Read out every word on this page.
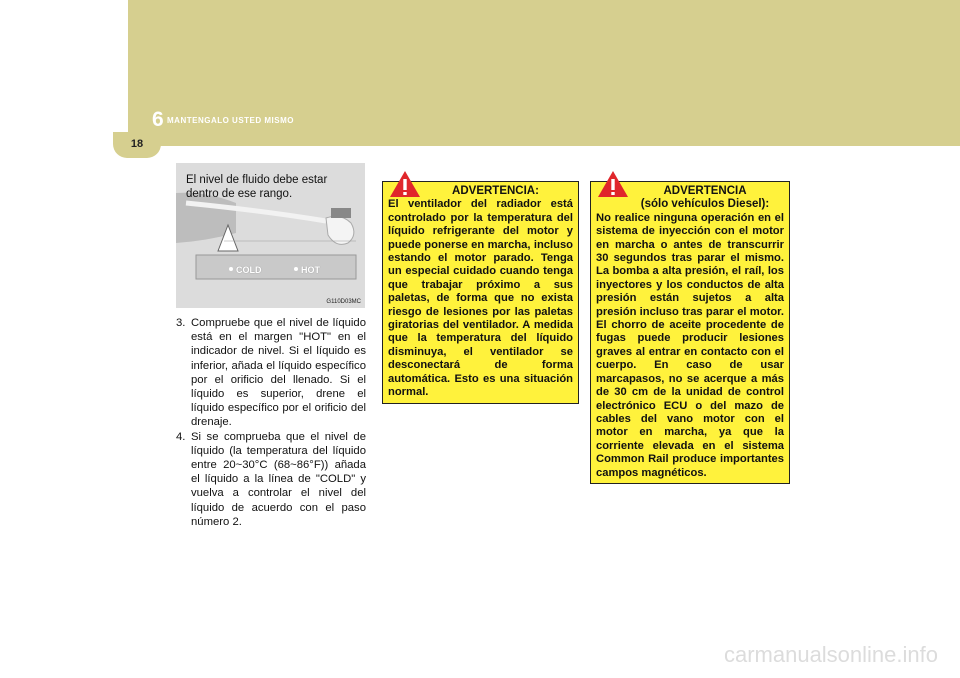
18
6 MANTENGALO USTED MISMO
El nivel de fluido debe estar dentro de ese rango.
COLD	HOT
G110D03MC
3. Compruebe que el nivel de líquido está en el margen "HOT" en el indicador de nivel. Si el líquido es inferior, añada el líquido específico por el orificio del llenado. Si el líquido es superior, drene el líquido específico por el orificio del drenaje.
4. Si se comprueba que el nivel de líquido (la temperatura del líquido entre 20~30°C (68~86°F)) añada el líquido a la línea de "COLD" y vuelva a controlar el nivel del líquido de acuerdo con el paso número 2.
ADVERTENCIA:
El ventilador del radiador está controlado por la temperatura del líquido refrigerante del motor y puede ponerse en marcha, incluso estando el motor parado. Tenga un especial cuidado cuando tenga que trabajar próximo a sus paletas, de forma que no exista riesgo de lesiones por las paletas giratorias del ventilador. A medida que la temperatura del líquido disminuya, el ventilador se desconectará de forma automática. Esto es una situación normal.
ADVERTENCIA
(sólo vehículos Diesel):
No realice ninguna operación en el sistema de inyección con el motor en marcha o antes de transcurrir 30 segundos tras parar el mismo. La bomba a alta presión, el raíl, los inyectores y los conductos de alta presión están sujetos a alta presión incluso tras parar el motor. El chorro de aceite procedente de fugas puede producir lesiones graves al entrar en contacto con el cuerpo. En caso de usar marcapasos, no se acerque a más de 30 cm de la unidad de control electrónico ECU o del mazo de cables del vano motor con el motor en marcha, ya que la corriente elevada en el sistema Common Rail produce importantes campos magnéticos.
carmanualsonline.info
